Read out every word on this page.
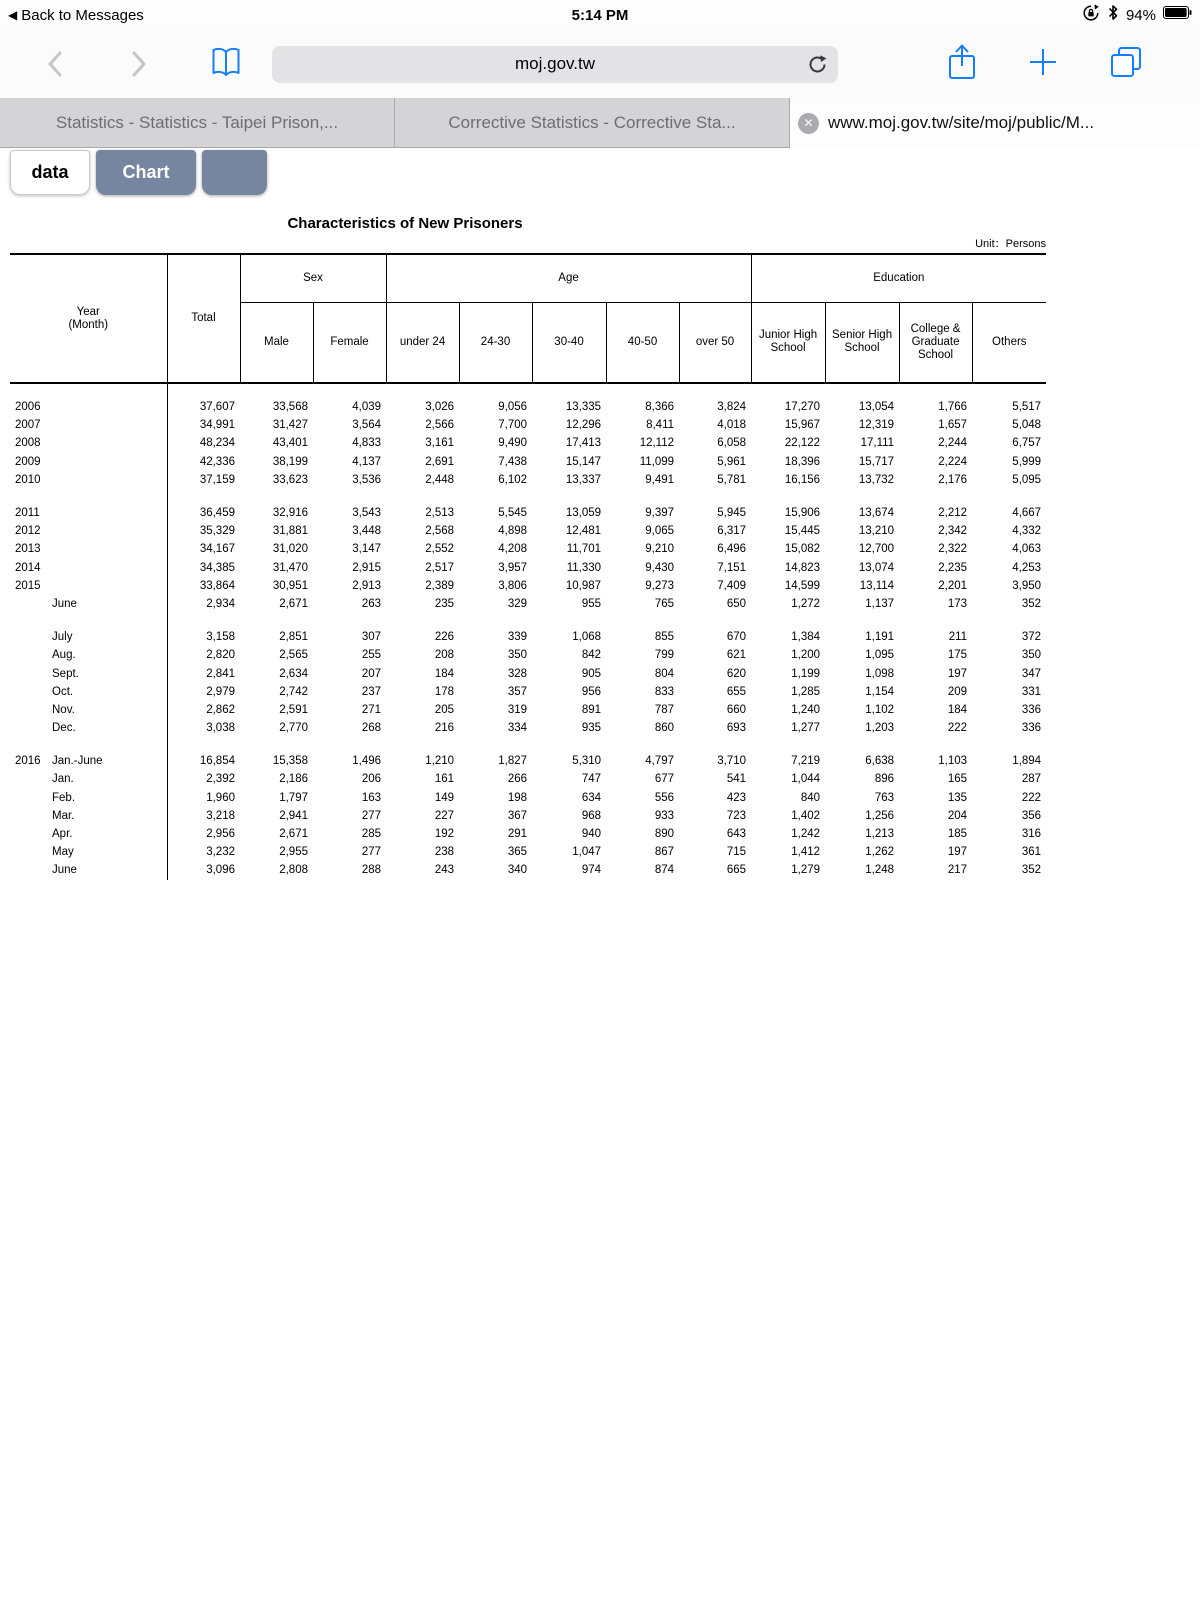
◀ Back to Messages	5:14 PM	94%
moj.gov.tw
Statistics - Statistics - Taipei Prison,...	Corrective Statistics - Corrective Sta...	✕ www.moj.gov.tw/site/moj/public/M...
data	Chart
Characteristics of New Prisoners
Unit：Persons
Year
(Month)	Total	Sex		Age					Education			
		Male	Female	under 24	24-30	30-40	40-50	over 50	Junior High School	Senior High School	College & Graduate School	Others

2006	37,607	33,568	4,039	3,026	9,056	13,335	8,366	3,824	17,270	13,054	1,766	5,517
2007	34,991	31,427	3,564	2,566	7,700	12,296	8,411	4,018	15,967	12,319	1,657	5,048
2008	48,234	43,401	4,833	3,161	9,490	17,413	12,112	6,058	22,122	17,111	2,244	6,757
2009	42,336	38,199	4,137	2,691	7,438	15,147	11,099	5,961	18,396	15,717	2,224	5,999
2010	37,159	33,623	3,536	2,448	6,102	13,337	9,491	5,781	16,156	13,732	2,176	5,095

2011	36,459	32,916	3,543	2,513	5,545	13,059	9,397	5,945	15,906	13,674	2,212	4,667
2012	35,329	31,881	3,448	2,568	4,898	12,481	9,065	6,317	15,445	13,210	2,342	4,332
2013	34,167	31,020	3,147	2,552	4,208	11,701	9,210	6,496	15,082	12,700	2,322	4,063
2014	34,385	31,470	2,915	2,517	3,957	11,330	9,430	7,151	14,823	13,074	2,235	4,253
2015	33,864	30,951	2,913	2,389	3,806	10,987	9,273	7,409	14,599	13,114	2,201	3,950
June	2,934	2,671	263	235	329	955	765	650	1,272	1,137	173	352

July	3,158	2,851	307	226	339	1,068	855	670	1,384	1,191	211	372
Aug.	2,820	2,565	255	208	350	842	799	621	1,200	1,095	175	350
Sept.	2,841	2,634	207	184	328	905	804	620	1,199	1,098	197	347
Oct.	2,979	2,742	237	178	357	956	833	655	1,285	1,154	209	331
Nov.	2,862	2,591	271	205	319	891	787	660	1,240	1,102	184	336
Dec.	3,038	2,770	268	216	334	935	860	693	1,277	1,203	222	336

2016 Jan.-June	16,854	15,358	1,496	1,210	1,827	5,310	4,797	3,710	7,219	6,638	1,103	1,894
Jan.	2,392	2,186	206	161	266	747	677	541	1,044	896	165	287
Feb.	1,960	1,797	163	149	198	634	556	423	840	763	135	222
Mar.	3,218	2,941	277	227	367	968	933	723	1,402	1,256	204	356
Apr.	2,956	2,671	285	192	291	940	890	643	1,242	1,213	185	316
May	3,232	2,955	277	238	365	1,047	867	715	1,412	1,262	197	361
June	3,096	2,808	288	243	340	974	874	665	1,279	1,248	217	352
